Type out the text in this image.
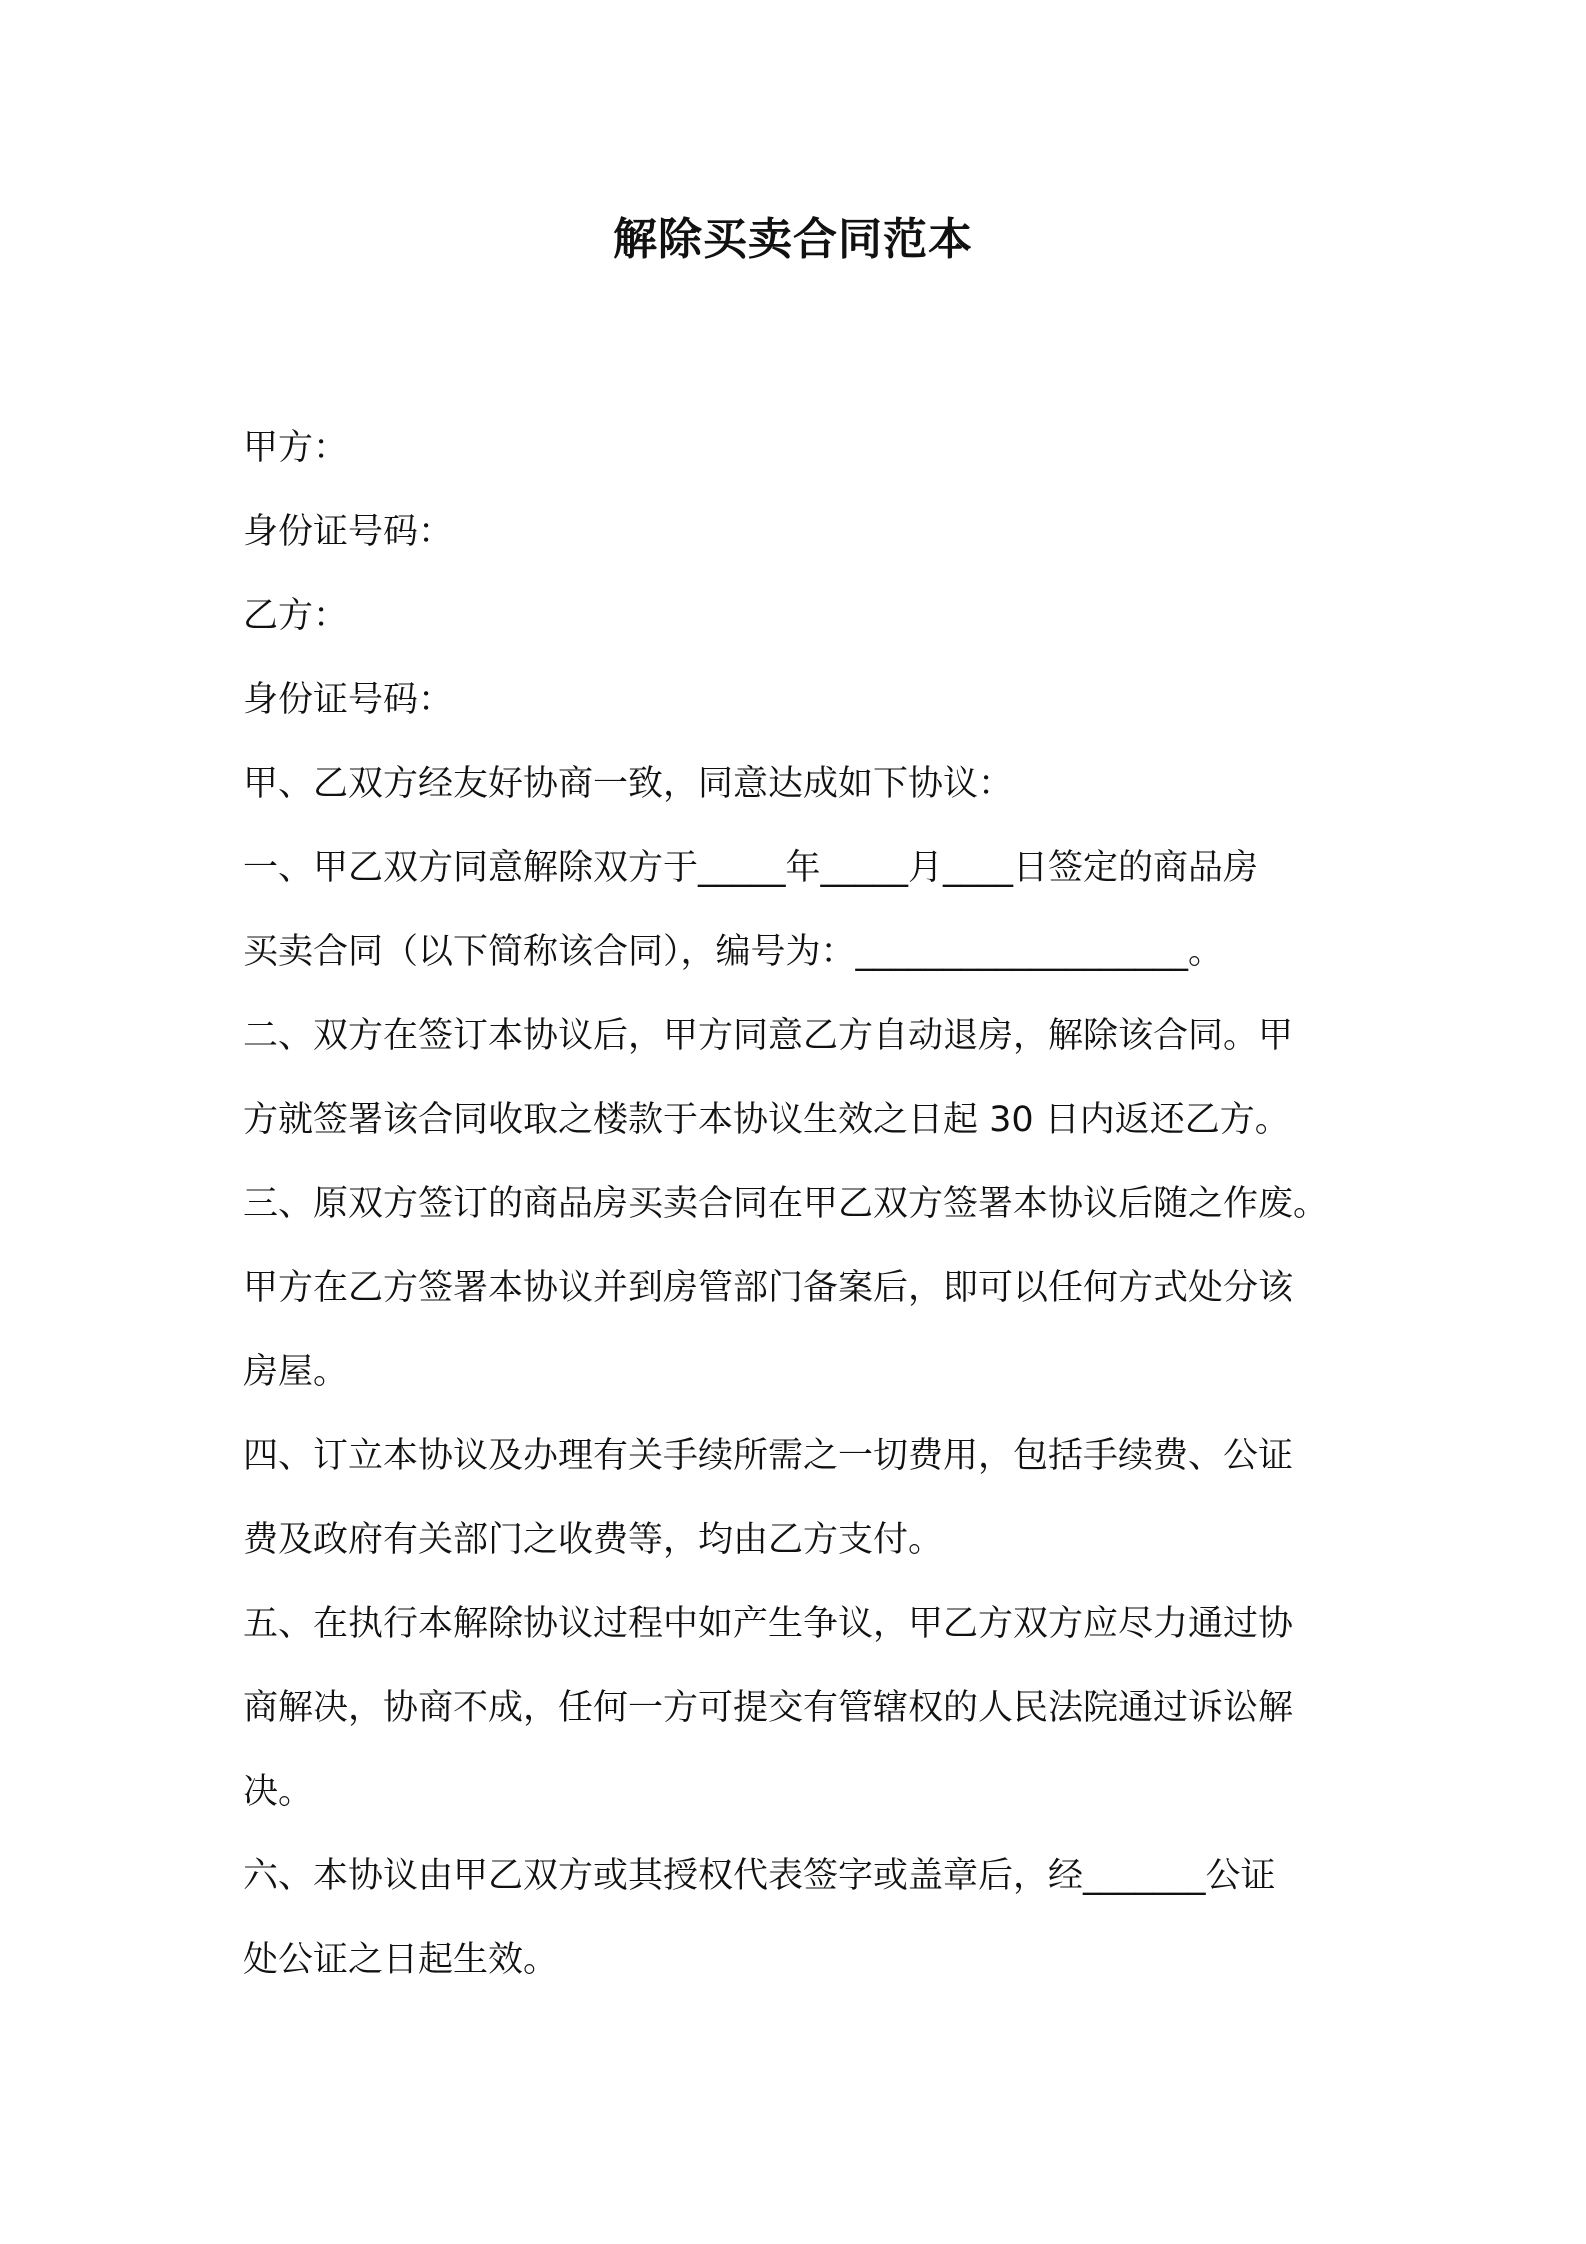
解除买卖合同范本

甲方：

身份证号码：

乙方：

身份证号码：

甲、乙双方经友好协商一致，同意达成如下协议：

一、甲乙双方同意解除双方于_____年_____月____日签定的商品房

买卖合同（以下简称该合同），编号为：___________________。

二、双方在签订本协议后，甲方同意乙方自动退房，解除该合同。甲

方就签署该合同收取之楼款于本协议生效之日起 30 日内返还乙方。

三、原双方签订的商品房买卖合同在甲乙双方签署本协议后随之作废。

甲方在乙方签署本协议并到房管部门备案后，即可以任何方式处分该

房屋。

四、订立本协议及办理有关手续所需之一切费用，包括手续费、公证

费及政府有关部门之收费等，均由乙方支付。

五、在执行本解除协议过程中如产生争议，甲乙方双方应尽力通过协

商解决，协商不成，任何一方可提交有管辖权的人民法院通过诉讼解

决。

六、本协议由甲乙双方或其授权代表签字或盖章后，经_______公证

处公证之日起生效。
